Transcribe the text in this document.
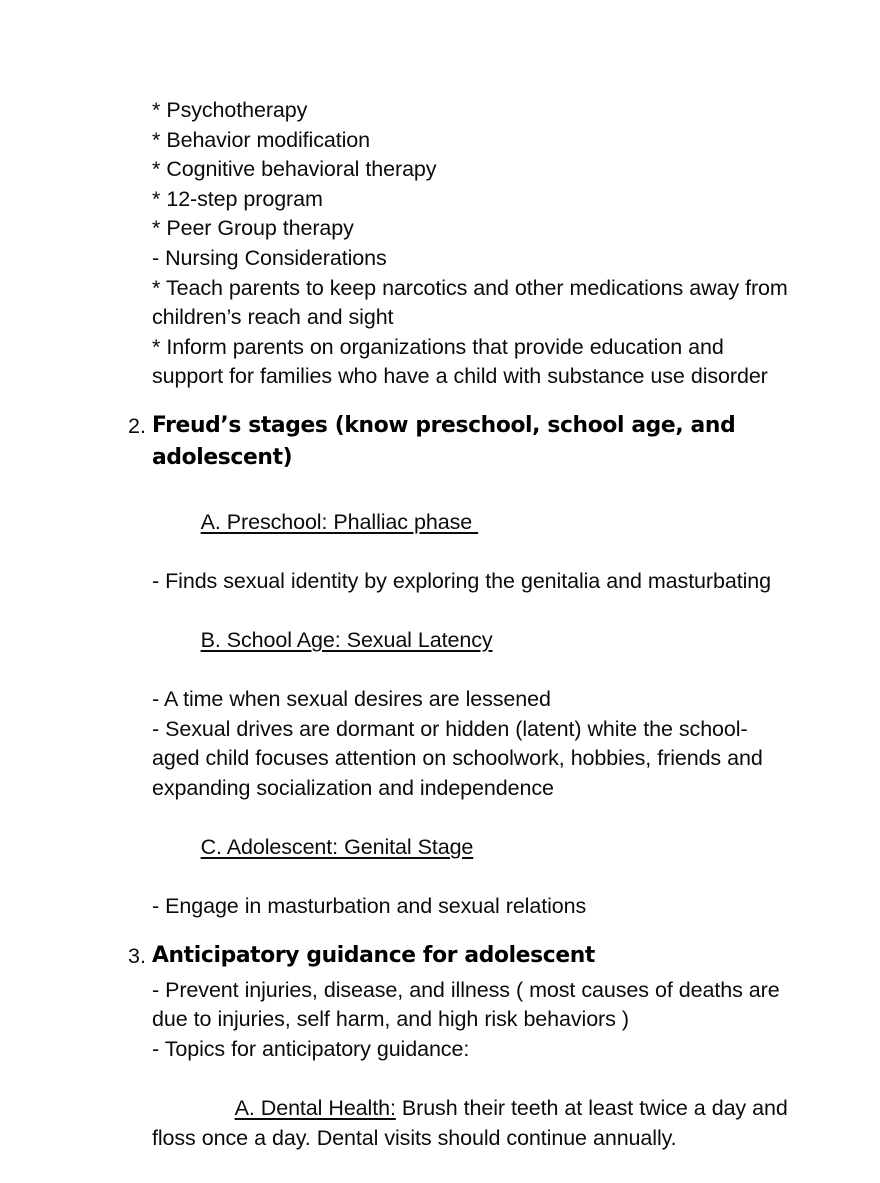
* Psychotherapy
* Behavior modification
* Cognitive behavioral therapy
* 12-step program
* Peer Group therapy
- Nursing Considerations
* Teach parents to keep narcotics and other medications away from children’s reach and sight
* Inform parents on organizations that provide education and support for families who have a child with substance use disorder
2. Freud’s stages (know preschool, school age, and adolescent)

A. Preschool: Phalliac phase

- Finds sexual identity by exploring the genitalia and masturbating

B. School Age: Sexual Latency

- A time when sexual desires are lessened
- Sexual drives are dormant or hidden (latent) white the school-aged child focuses attention on schoolwork, hobbies, friends and expanding socialization and independence

C. Adolescent: Genital Stage

- Engage in masturbation and sexual relations
3. Anticipatory guidance for adolescent
- Prevent injuries, disease, and illness ( most causes of deaths are due to injuries, self harm, and high risk behaviors )
- Topics for anticipatory guidance:

A. Dental Health: Brush their teeth at least twice a day and floss once a day. Dental visits should continue annually.
